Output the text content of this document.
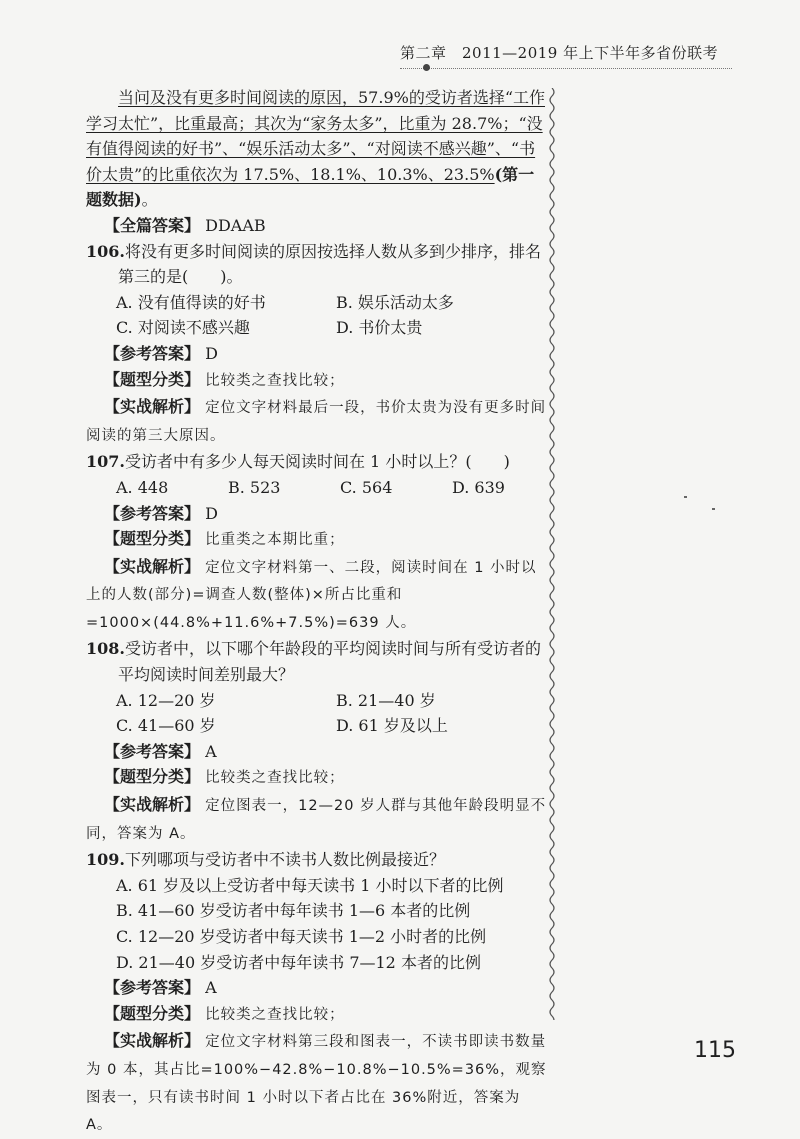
第二章　2011—2019 年上下半年多省份联考

当问及没有更多时间阅读的原因，57.9%的受访者选择“工作学习太忙”，比重最高；其次为“家务太多”，比重为 28.7%；“没有值得阅读的好书”、“娱乐活动太多”、“对阅读不感兴趣”、“书价太贵”的比重依次为 17.5%、18.1%、10.3%、23.5%(第一题数据)。

【全篇答案】 DDAAB

106.将没有更多时间阅读的原因按选择人数从多到少排序，排名第三的是(　　)。

A. 没有值得读的好书	B. 娱乐活动太多
C. 对阅读不感兴趣	D. 书价太贵

【参考答案】 D

【题型分类】 比较类之查找比较；

【实战解析】 定位文字材料最后一段，书价太贵为没有更多时间阅读的第三大原因。

107.受访者中有多少人每天阅读时间在 1 小时以上？(　　)

A. 448	B. 523	C. 564	D. 639

【参考答案】 D

【题型分类】 比重类之本期比重；

【实战解析】 定位文字材料第一、二段，阅读时间在 1 小时以上的人数(部分)=调查人数(整体)×所占比重和=1000×(44.8%+11.6%+7.5%)=639 人。

108.受访者中，以下哪个年龄段的平均阅读时间与所有受访者的平均阅读时间差别最大？

A. 12—20 岁	B. 21—40 岁
C. 41—60 岁	D. 61 岁及以上

【参考答案】 A

【题型分类】 比较类之查找比较；

【实战解析】 定位图表一，12—20 岁人群与其他年龄段明显不同，答案为 A。

109.下列哪项与受访者中不读书人数比例最接近？

A. 61 岁及以上受访者中每天读书 1 小时以下者的比例
B. 41—60 岁受访者中每年读书 1—6 本者的比例
C. 12—20 岁受访者中每天读书 1—2 小时者的比例
D. 21—40 岁受访者中每年读书 7—12 本者的比例

【参考答案】 A

【题型分类】 比较类之查找比较；

【实战解析】 定位文字材料第三段和图表一，不读书即读书数量为 0 本，其占比=100%−42.8%−10.8%−10.5%=36%，观察图表一，只有读书时间 1 小时以下者占比在 36%附近，答案为 A。

115
